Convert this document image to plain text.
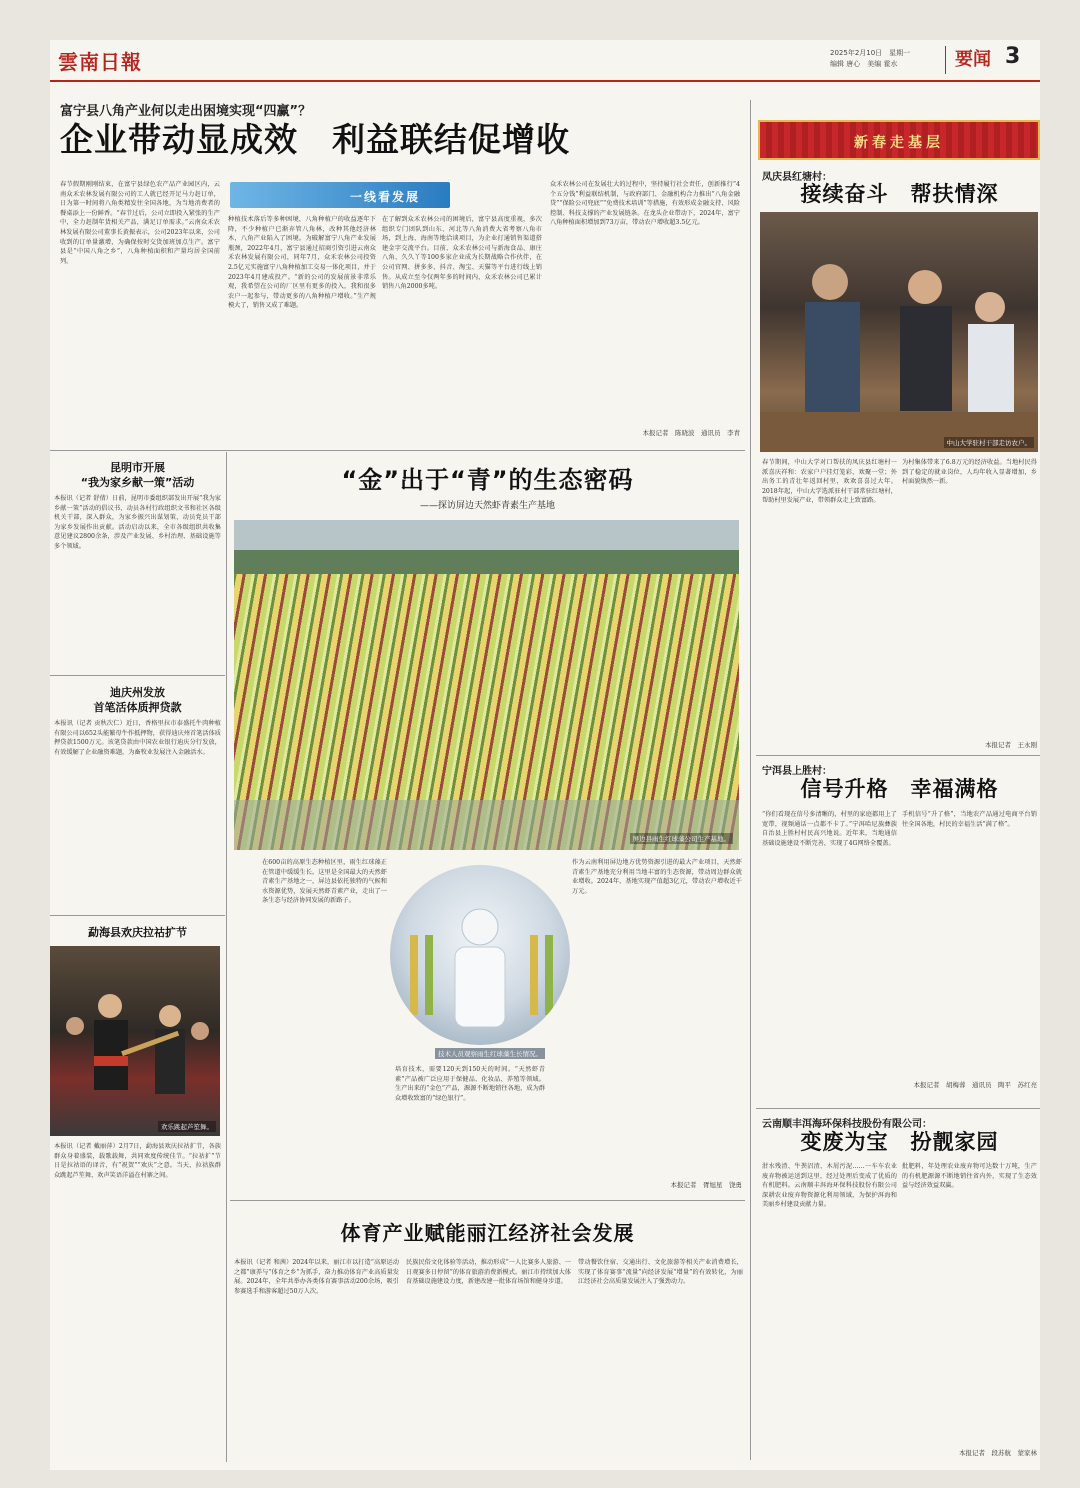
雲南日報	2025年2月10日　星期一
编辑 唐心　美编 霍水	要闻 3
富宁县八角产业何以走出困境实现“四赢”？
企业带动显成效　利益联结促增收
一线看发展
春节假期刚刚结束，在富宁县绿色农产品产业园区内，云南众禾农林发展有限公司的工人就已经开足马力赶订单，日为第一时间将八角类精发往全国各地，为当地消费者的餐桌添上一份鲜香。“春节过后，公司立即投入紧张的生产中，全力赶制年货相关产品，满足订单需求。”云南众禾农林发展有限公司董事长黄振表示，公司2023年以来，公司收到的订单量激增，为确保按时交货加班加点生产。富宁县是“中国八角之乡”，八角种植面积和产量均居全国前列。
种植技术落后等多种困境，八角种植户的收益逐年下降，不少种植户已渐弃管八角林，改种其他经济林木，八角产业陷入了困境。为破解富宁八角产业发展瓶颈，2022年4月，富宁县通过招商引资引进云南众禾农林发展有限公司，同年7月，众禾农林公司投资2.5亿元实施富宁八角种植加工交易一体化项目，并于2023年4月建成投产。“新的公司的发展前景非常乐观，我希望在公司的厂区里有更多的投入，我和很多农户一起参与，带动更多的八角种植户增收。”生产规模大了，销售又成了难题。
在了解到众禾农林公司的困境后，富宁县高度重视，多次组织专门团队到山东、河北等八角消费大省考察八角市场，到上海、海南等地洽谈项目，为企业打通销售渠道搭建金字交流平台。目前，众禾农林公司与新海食品、康庄八角、久久丫等100多家企业成为长期战略合作伙伴，在公司官网、拼多多、抖音、淘宝、天猫等平台进行线上销售。从成立至今仅两年多的时间内，众禾农林公司已累计销售八角2000多吨。
众禾农林公司在发展壮大的过程中，坚持履行社会责任，创新推行“4个五分钱”利益联结机制，与政府部门、金融机构合力推出“八角金融贷”“保险公司兜底”“免费技术培训”等措施，有效形成金融支持、风险控制、科技支撑的产业发展链条。在龙头企业带动下，2024年，富宁八角种植面积增加到73万亩，带动农户增收超3.5亿元。
本报记者　陈晓波　通讯员　李青
昆明市开展
“我为家乡献一策”活动
本报讯（记者 舒倩）日前，昆明市委组织部发出开展“我为家乡献一策”活动的倡议书，动员各村行政组织文书和社区各级机关干部，深入群众，为家乡振兴出谋划策，动员党员干部为家乡发展作出贡献。活动启动以来，全市各级组织共收集意见建议2800余条，涉及产业发展、乡村治理、基础设施等多个领域。
迪庆州发放
首笔活体质押贷款
本报讯（记者 贡秋次仁）近日，香格里拉市泰盛托牛肉种植有限公司以652头能繁母牛作抵押物，获得迪庆州首笔活体质押贷款1500万元。该笔贷款由中国农业银行迪庆分行发放，有效缓解了企业融资难题，为畜牧业发展注入金融活水。
勐海县欢庆拉祜扩节
欢乐跳起芦笙舞。
本报讯（记者 戴丽萍）2月7日，勐海县欢庆拉祜扩节，各族群众身着盛装，载歌载舞，共同欢度传统佳节。“拉祜扩”节日是拉祜语的译音，有“祝贺”“欢庆”之意。当天，拉祜族群众跳起芦笙舞，欢声笑语洋溢在村寨之间。
“金”出于“青”的生态密码
——探访屏边天然虾青素生产基地
屏边县雨生红球藻公司生产基地。
在600亩的高原生态种植区里，雨生红球藻正在管道中缓缓生长。这里是全国最大的天然虾青素生产基地之一，屏边县依托独特的气候和水资源优势，发展天然虾青素产业，走出了一条生态与经济协同发展的新路子。
技术人员观察雨生红球藻生长情况。
培育技术，需要120天到150天的时间。“天然虾青素”产品被广泛应用于保健品、化妆品、养殖等领域。生产出来的“金色”产品，源源不断地销往各地，成为群众增收致富的“绿色银行”。
作为云南利用屏边地方优势资源引进的最大产业项目，天然虾青素生产基地充分利用当地丰富的生态资源，带动周边群众就业增收。2024年，基地实现产值超3亿元，带动农户增收近千万元。
本报记者　胥旭星　饶勇
体育产业赋能丽江经济社会发展
本报讯（记者 和茜）2024年以来，丽江市以打造“高原运动之都”康养与“体育之乡”为抓手，奋力推动体育产业高质量发展。2024年，全年共举办各类体育赛事活动200余场，吸引参赛选手和游客超过50万人次。
民族民俗文化体验等活动，推动形成“一人比赛多人旅游、一日观赛多日停留”的体育旅游消费新模式。丽江市持续加大体育基础设施建设力度，新建改建一批体育场馆和健身步道。
带动餐饮住宿、交通出行、文化旅游等相关产业消费增长，实现了体育赛事“流量”向经济发展“增量”的有效转化，为丽江经济社会高质量发展注入了强劲动力。
新春走基层
凤庆县红塘村：
接续奋斗　帮扶情深
中山大学驻村干部走访农户。
春节期间，中山大学对口帮扶的凤庆县红塘村一派喜庆祥和：农家户户挂灯笼彩，欢聚一堂；外出务工的青壮年返回村里，欢欢喜喜过大年。2018年起，中山大学选派驻村干部常驻红塘村，帮助村里发展产业，带领群众走上致富路。
为村集体带来了6.8万元的经济收益。当地村民得到了稳定的就业岗位，人均年收入显著增加，乡村面貌焕然一新。
本报记者　王永刚
宁洱县上胜村：
信号升格　幸福满格
“你们看现在信号多清晰的，村里的家庭都用上了宽带，视频通话一点都不卡了。”宁洱哈尼族彝族自治县上胜村村民高兴地说。近年来，当地通信基础设施建设不断完善，实现了4G网络全覆盖。
手机信号“升了格”，当地农产品通过电商平台销往全国各地，村民的幸福生活“满了格”。
本报记者　胡梅蓉　通讯员　陶平　苏红亮
云南顺丰洱海环保科技股份有限公司：
变废为宝　扮靓家园
泔水残渣、牛粪沼渣、木屑污泥……一车车农业废弃物被运送到这里，经过处理后变成了优质的有机肥料。云南顺丰洱海环保科技股份有限公司深耕农业废弃物资源化利用领域，为保护洱海和美丽乡村建设贡献力量。
批肥料，年处理农业废弃物可达数十万吨，生产的有机肥源源不断地销往省内外，实现了生态效益与经济效益双赢。
本报记者　段苏航　蒙家林
